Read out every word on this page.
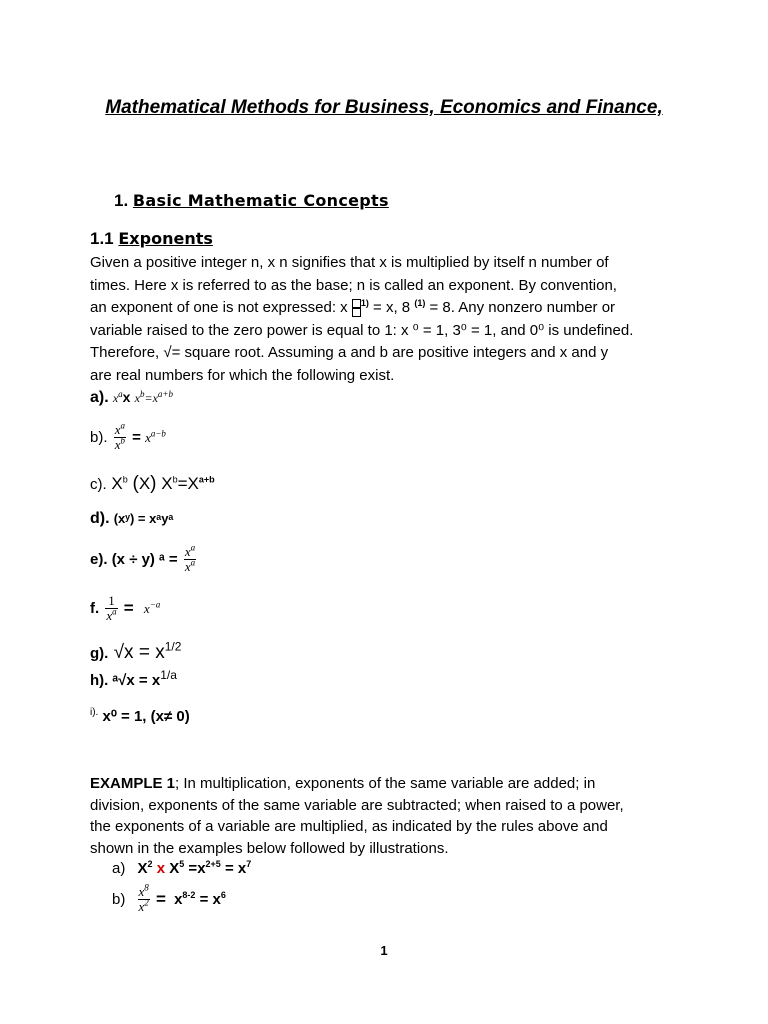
Mathematical Methods for Business, Economics and Finance,
1. Basic Mathematic Concepts
1.1 Exponents
Given a positive integer n, x n signifies that x is multiplied by itself n number of
times. Here x is referred to as the base; n is called an exponent. By convention,
an exponent of one is not expressed: x $^{1)}$ = x, 8 $^{(1)}$ = 8. Any nonzero number or
variable raised to the zero power is equal to 1: x ⁰ = 1, 3⁰ = 1, and 0⁰ is undefined.
Therefore, √= square root. Assuming a and b are positive integers and x and y
are real numbers for which the following exist.
a). $x^ax$ $x^b=x^{a+b}$
b). $\frac{x^a}{x^b} = x^{a-b}$
c). $X^b$ (X) $X^b=X^{a+b}$
d). (xʸ) = xᵃyᵃ
e). (x ÷ y) ᵃ = $\frac{x^a}{x^a}$
f. $\frac{1}{x^a} = x^{-a}$
g). $√x = x^{1/2}$
h). ᵃ√x = $x^{1/a}$
$^{i).}$ x⁰ = 1, (x≠ 0)
EXAMPLE 1; In multiplication, exponents of the same variable are added; in
division, exponents of the same variable are subtracted; when raised to a power,
the exponents of a variable are multiplied, as indicated by the rules above and
shown in the examples below followed by illustrations.
a) $X^2$ x $X^5 =x^{2+5} = x^7$
$b) \frac{x^8}{x^2} = x^{8-2} = x^6$
1
